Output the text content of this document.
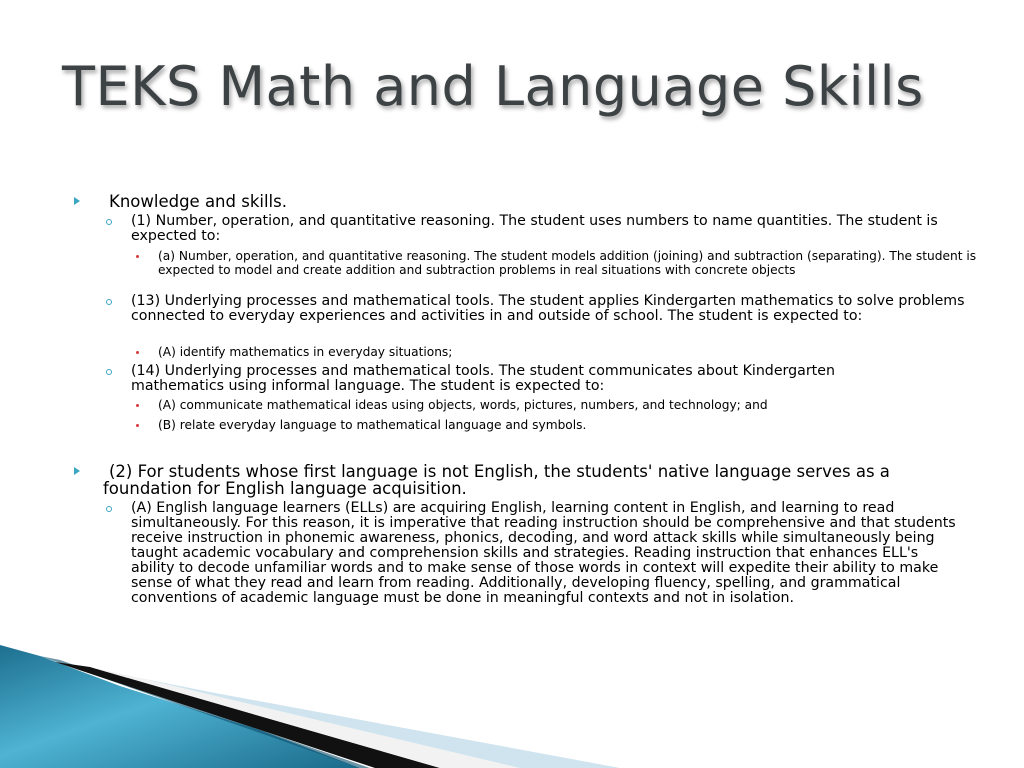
TEKS Math and Language Skills
Knowledge and skills.
(1) Number, operation, and quantitative reasoning. The student uses numbers to name quantities. The student is expected to:
(a) Number, operation, and quantitative reasoning. The student models addition (joining) and subtraction (separating). The student is expected to model and create addition and subtraction problems in real situations with concrete objects
(13) Underlying processes and mathematical tools. The student applies Kindergarten mathematics to solve problems connected to everyday experiences and activities in and outside of school. The student is expected to:
(A) identify mathematics in everyday situations;
(14) Underlying processes and mathematical tools. The student communicates about Kindergarten mathematics using informal language. The student is expected to:
(A) communicate mathematical ideas using objects, words, pictures, numbers, and technology; and
(B) relate everyday language to mathematical language and symbols.
(2) For students whose first language is not English, the students' native language serves as a foundation for English language acquisition.
(A) English language learners (ELLs) are acquiring English, learning content in English, and learning to read simultaneously. For this reason, it is imperative that reading instruction should be comprehensive and that students receive instruction in phonemic awareness, phonics, decoding, and word attack skills while simultaneously being taught academic vocabulary and comprehension skills and strategies. Reading instruction that enhances ELL's ability to decode unfamiliar words and to make sense of those words in context will expedite their ability to make sense of what they read and learn from reading. Additionally, developing fluency, spelling, and grammatical conventions of academic language must be done in meaningful contexts and not in isolation.
